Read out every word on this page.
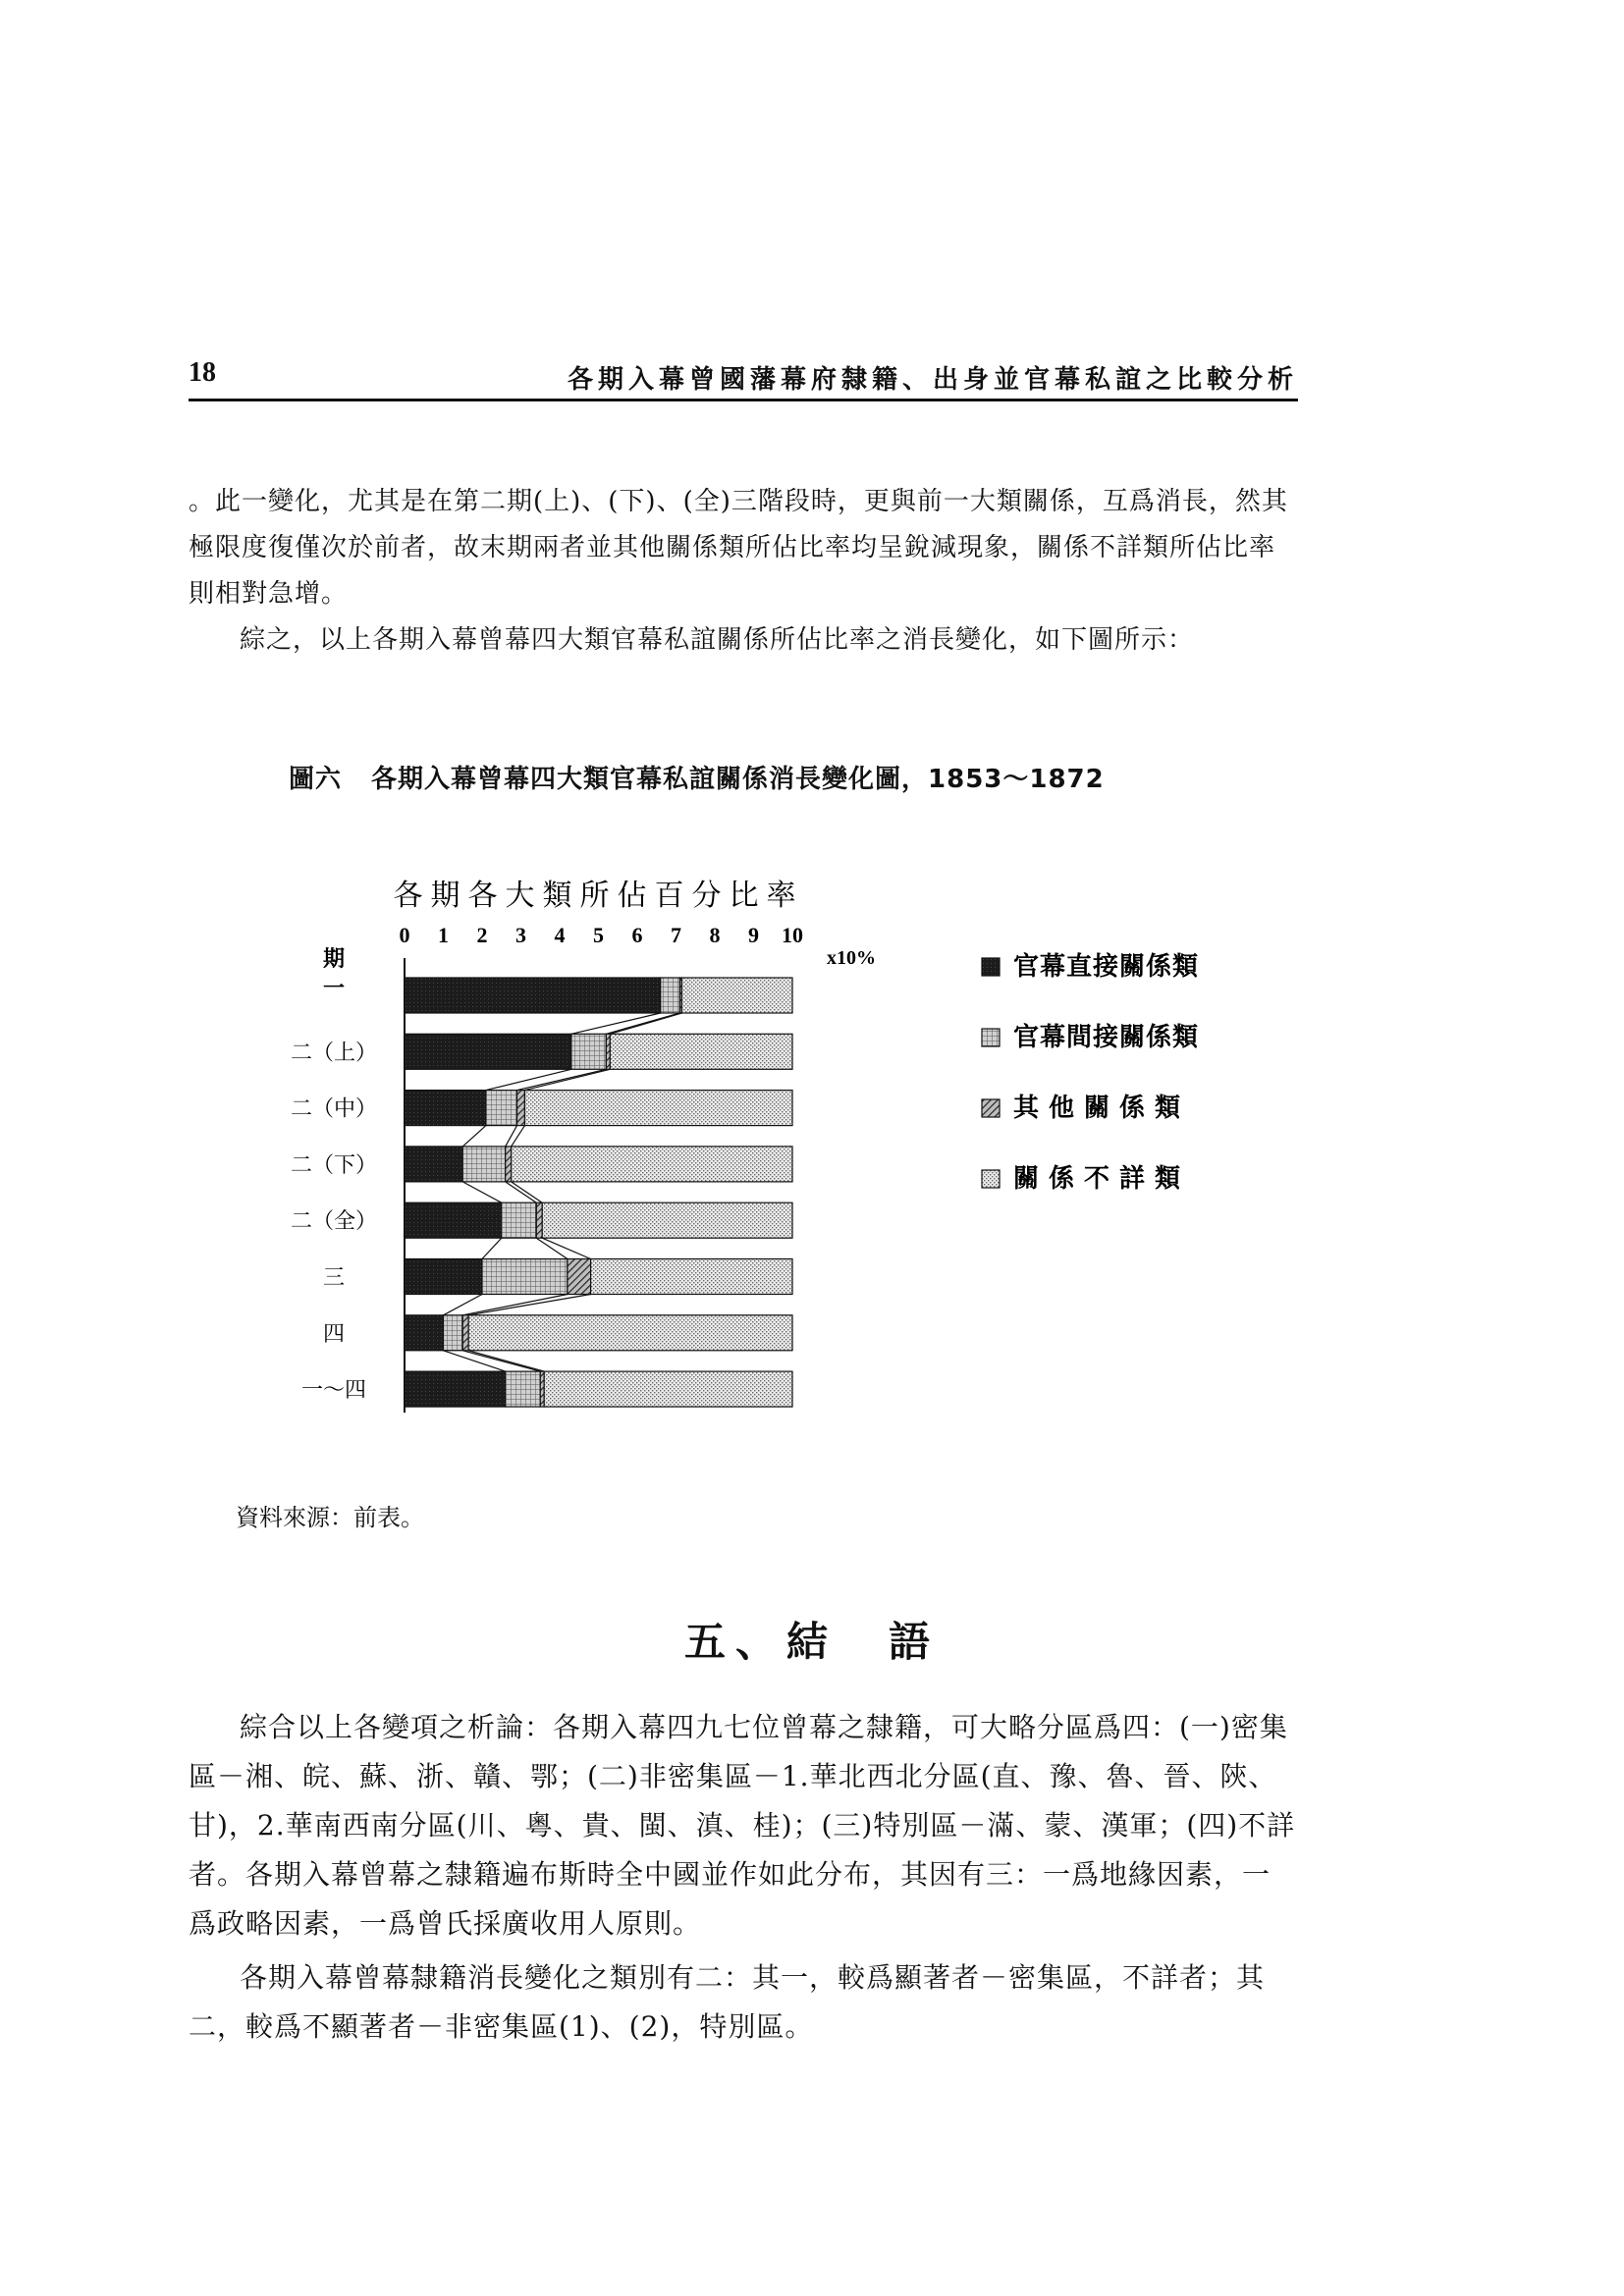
18	各期入幕曾國藩幕府隸籍、出身並官幕私誼之比較分析

。此一變化，尤其是在第二期(上)、(下)、(全)三階段時，更與前一大類關係，互爲消長，然其極限度復僅次於前者，故末期兩者並其他關係類所佔比率均呈銳減現象，關係不詳類所佔比率則相對急增。

綜之，以上各期入幕曾幕四大類官幕私誼關係所佔比率之消長變化，如下圖所示：

圖六 各期入幕曾幕四大類官幕私誼關係消長變化圖，1853～1872
各期各大類所佔百分比率
0 1 2 3 4 5 6 7 8 9 10
x10%
期
一
二（上）
二（中）
二（下）
二（全）
三
四
一～四
官幕直接關係類
官幕間接關係類
其他關係類
關係不詳類
資料來源：前表。
五、結　語

綜合以上各變項之析論：各期入幕四九七位曾幕之隸籍，可大略分區爲四：(一)密集區－湘、皖、蘇、浙、贛、鄂；(二)非密集區－1.華北西北分區(直、豫、魯、晉、陝、甘)，2.華南西南分區(川、粵、貴、閩、滇、桂)；(三)特別區－滿、蒙、漢軍；(四)不詳者。各期入幕曾幕之隸籍遍布斯時全中國並作如此分布，其因有三：一爲地緣因素，一爲政略因素，一爲曾氏採廣收用人原則。

各期入幕曾幕隸籍消長變化之類別有二：其一，較爲顯著者－密集區，不詳者；其二，較爲不顯著者－非密集區(1)、(2)，特別區。
